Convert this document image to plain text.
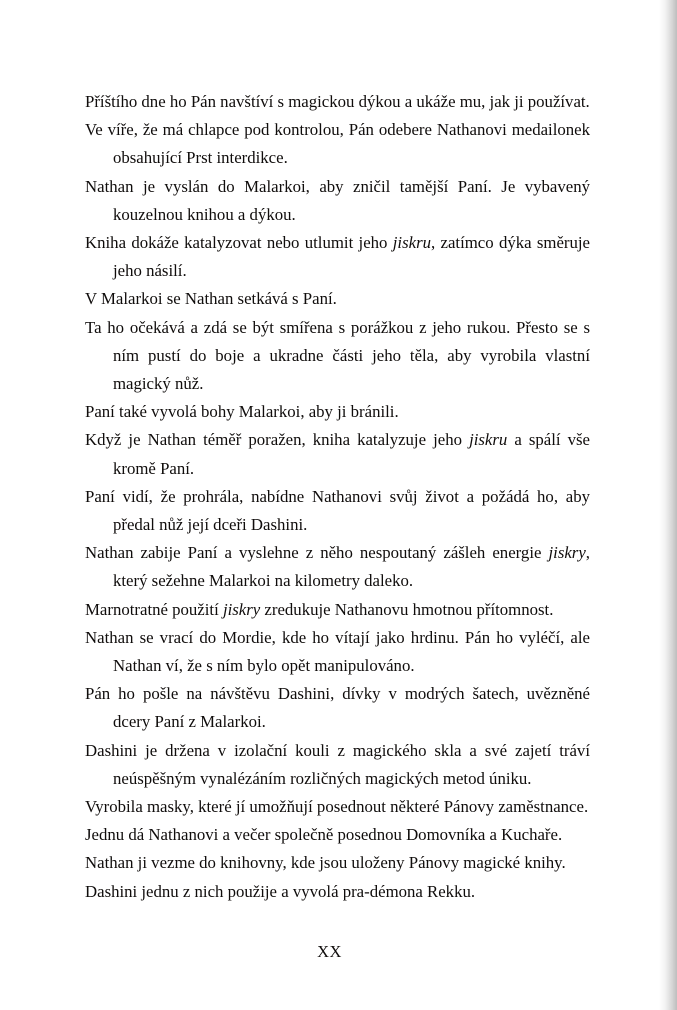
Příštího dne ho Pán navštíví s magickou dýkou a ukáže mu, jak ji používat.

Ve víře, že má chlapce pod kontrolou, Pán odebere Nathanovi medailonek obsahující Prst interdikce.

Nathan je vyslán do Malarkoi, aby zničil tamější Paní. Je vybavený kouzelnou knihou a dýkou.

Kniha dokáže katalyzovat nebo utlumit jeho jiskru, zatímco dýka směruje jeho násilí.

V Malarkoi se Nathan setkává s Paní.

Ta ho očekává a zdá se být smířena s porážkou z jeho rukou. Přesto se s ním pustí do boje a ukradne části jeho těla, aby vyrobila vlastní magický nůž.

Paní také vyvolá bohy Malarkoi, aby ji bránili.

Když je Nathan téměř poražen, kniha katalyzuje jeho jiskru a spálí vše kromě Paní.

Paní vidí, že prohrála, nabídne Nathanovi svůj život a požádá ho, aby předal nůž její dceři Dashini.

Nathan zabije Paní a vyslehne z něho nespoutaný zášleh energie jiskry, který sežehne Malarkoi na kilometry daleko.

Marnotratné použití jiskry zredukuje Nathanovu hmotnou přítomnost.

Nathan se vrací do Mordie, kde ho vítají jako hrdinu. Pán ho vyléčí, ale Nathan ví, že s ním bylo opět manipulováno.

Pán ho pošle na návštěvu Dashini, dívky v modrých šatech, uvězněné dcery Paní z Malarkoi.

Dashini je držena v izolační kouli z magického skla a své zajetí tráví neúspěšným vynalézáním rozličných magických metod úniku.

Vyrobila masky, které jí umožňují posednout některé Pánovy zaměstnance.

Jednu dá Nathanovi a večer společně posednou Domovníka a Kuchaře.

Nathan ji vezme do knihovny, kde jsou uloženy Pánovy magické knihy.

Dashini jednu z nich použije a vyvolá pra-démona Rekku.

XX
